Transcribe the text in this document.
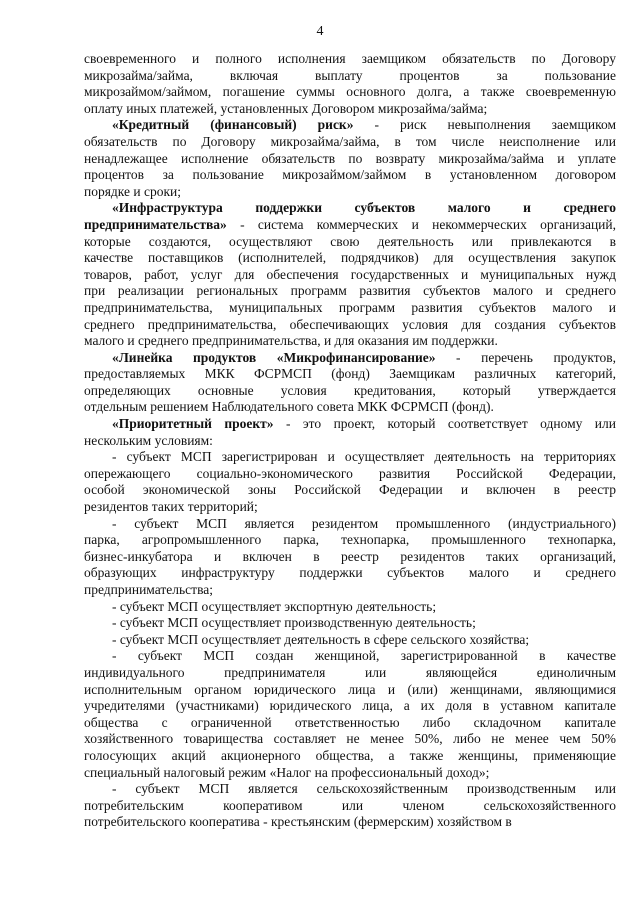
4
своевременного и полного исполнения заемщиком обязательств по Договору
микрозайма/займа, включая выплату процентов за пользование
микрозаймом/займом, погашение суммы основного долга, а также своевременную
оплату иных платежей, установленных Договором микрозайма/займа;
«Кредитный (финансовый) риск» - риск невыполнения заемщиком
обязательств по Договору микрозайма/займа, в том числе неисполнение или
ненадлежащее исполнение обязательств по возврату микрозайма/займа и уплате
процентов за пользование микрозаймом/займом в установленном договором
порядке и сроки;
«Инфраструктура поддержки субъектов малого и среднего
предпринимательства» - система коммерческих и некоммерческих организаций,
которые создаются, осуществляют свою деятельность или привлекаются в
качестве поставщиков (исполнителей, подрядчиков) для осуществления закупок
товаров, работ, услуг для обеспечения государственных и муниципальных нужд
при реализации региональных программ развития субъектов малого и среднего
предпринимательства, муниципальных программ развития субъектов малого и
среднего предпринимательства, обеспечивающих условия для создания субъектов
малого и среднего предпринимательства, и для оказания им поддержки.
«Линейка продуктов «Микрофинансирование» - перечень продуктов,
предоставляемых МКК ФСРМСП (фонд) Заемщикам различных категорий,
определяющих основные условия кредитования, который утверждается
отдельным решением Наблюдательного совета МКК ФСРМСП (фонд).
«Приоритетный проект» - это проект, который соответствует одному или
нескольким условиям:
- субъект МСП зарегистрирован и осуществляет деятельность на территориях
опережающего социально-экономического развития Российской Федерации,
особой экономической зоны Российской Федерации и включен в реестр
резидентов таких территорий;
- субъект МСП является резидентом промышленного (индустриального)
парка, агропромышленного парка, технопарка, промышленного технопарка,
бизнес-инкубатора и включен в реестр резидентов таких организаций,
образующих инфраструктуру поддержки субъектов малого и среднего
предпринимательства;
- субъект МСП осуществляет экспортную деятельность;
- субъект МСП осуществляет производственную деятельность;
- субъект МСП осуществляет деятельность в сфере сельского хозяйства;
- субъект МСП создан женщиной, зарегистрированной в качестве
индивидуального предпринимателя или являющейся единоличным
исполнительным органом юридического лица и (или) женщинами, являющимися
учредителями (участниками) юридического лица, а их доля в уставном капитале
общества с ограниченной ответственностью либо складочном капитале
хозяйственного товарищества составляет не менее 50%, либо не менее чем 50%
голосующих акций акционерного общества, а также женщины, применяющие
специальный налоговый режим «Налог на профессиональный доход»;
- субъект МСП является сельскохозяйственным производственным или
потребительским кооперативом или членом сельскохозяйственного
потребительского кооператива - крестьянским (фермерским) хозяйством в
